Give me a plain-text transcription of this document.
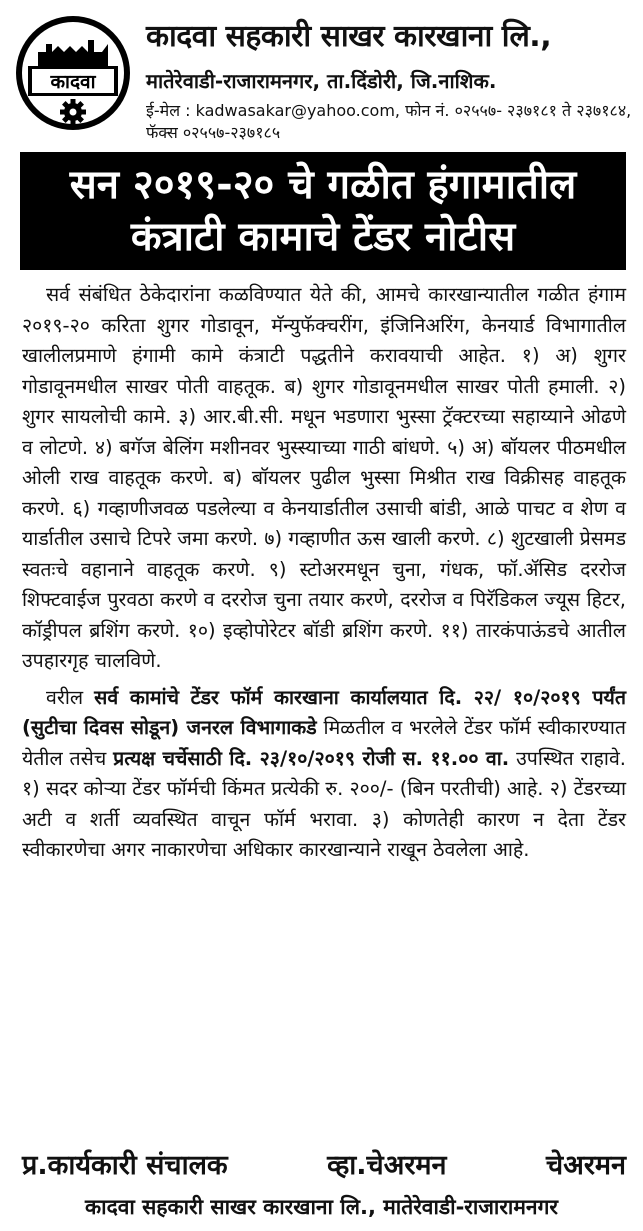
कादवा
कादवा सहकारी साखर कारखाना लि.,
मातेरेवाडी-राजारामनगर, ता.दिंडोरी, जि.नाशिक.
ई-मेल : kadwasakar@yahoo.com, फोन नं. ०२५५७- २३७१८१ ते २३७१८४, फॅक्स ०२५५७-२३७१८५
सन २०१९-२० चे गळीत हंगामातील
कंत्राटी कामाचे टेंडर नोटीस

सर्व संबंधित ठेकेदारांना कळविण्यात येते की, आमचे कारखान्यातील गळीत हंगाम २०१९-२० करिता शुगर गोडावून, मॅन्युफॅक्चरींग, इंजिनिअरिंग, केनयार्ड विभागातील खालीलप्रमाणे हंगामी कामे कंत्राटी पद्धतीने करावयाची आहेत. १) अ) शुगर गोडावूनमधील साखर पोती वाहतूक. ब) शुगर गोडावूनमधील साखर पोती हमाली. २) शुगर सायलोची कामे. ३) आर.बी.सी. मधून भडणारा भुस्सा ट्रॅक्टरच्या सहाय्याने ओढणे व लोटणे. ४) बगॅज बेलिंग मशीनवर भुस्स्याच्या गाठी बांधणे. ५) अ) बॉयलर पीठमधील ओली राख वाहतूक करणे. ब) बॉयलर पुढील भुस्सा मिश्रीत राख विक्रीसह वाहतूक करणे. ६) गव्हाणीजवळ पडलेल्या व केनयार्डातील उसाची बांडी, आळे पाचट व शेण व यार्डातील उसाचे टिपरे जमा करणे. ७) गव्हाणीत ऊस खाली करणे. ८) शुटखाली प्रेसमड स्वतःचे वहानाने वाहतूक करणे. ९) स्टोअरमधून चुना, गंधक, फॉ.ॲसिड दररोज शिफ्टवाईज पुरवठा करणे व दररोज चुना तयार करणे, दररोज व पिरॅडिकल ज्यूस हिटर, कॉड्रीपल ब्रशिंग करणे. १०) इव्होपोरेटर बॉडी ब्रशिंग करणे. ११) तारकंपाऊंडचे आतील उपहारगृह चालविणे.

वरील सर्व कामांचे टेंडर फॉर्म कारखाना कार्यालयात दि. २२/ १०/२०१९ पर्यंत (सुटीचा दिवस सोडून) जनरल विभागाकडे मिळतील व भरलेले टेंडर फॉर्म स्वीकारण्यात येतील तसेच प्रत्यक्ष चर्चेसाठी दि. २३/१०/२०१९ रोजी स. ११.०० वा. उपस्थित राहावे. १) सदर कोऱ्या टेंडर फॉर्मची किंमत प्रत्येकी रु. २००/- (बिन परतीची) आहे. २) टेंडरच्या अटी व शर्ती व्यवस्थित वाचून फॉर्म भरावा. ३) कोणतेही कारण न देता टेंडर स्वीकारणेचा अगर नाकारणेचा अधिकार कारखान्याने राखून ठेवलेला आहे.

प्र.कार्यकारी संचालक	व्हा.चेअरमन	चेअरमन
कादवा सहकारी साखर कारखाना लि., मातेरेवाडी-राजारामनगर
